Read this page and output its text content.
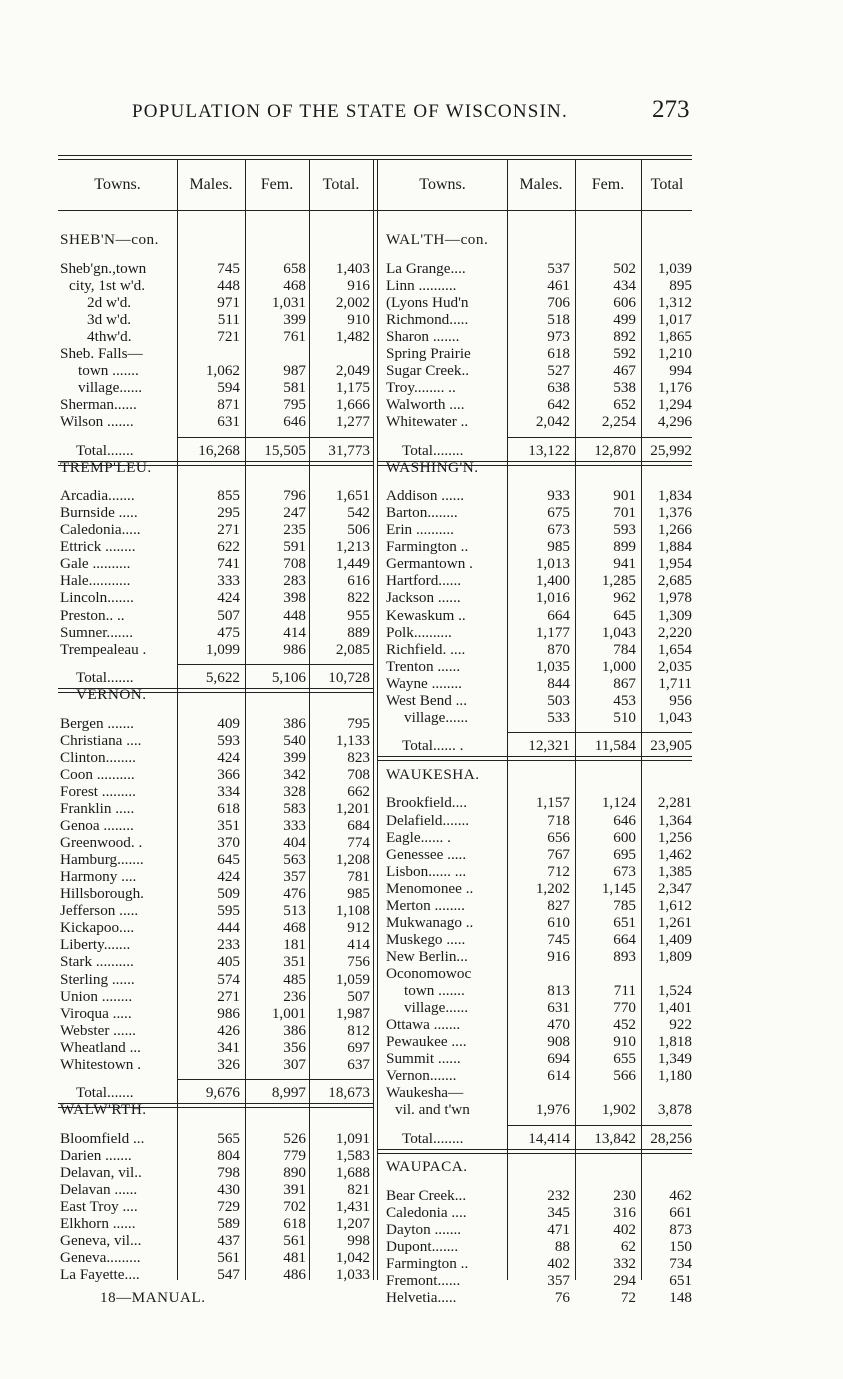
POPULATION OF THE STATE OF WISCONSIN.	273
Towns.	Males.	Fem.	Total.	Towns.	Males.	Fem.	Total
SHEB'N—con.
Sheb'gn.,town	745	658	1,403
city, 1st w'd.	448	468	916
2d w'd.	971	1,031	2,002
3d w'd.	511	399	910
4thw'd.	721	761	1,482
Sheb. Falls—
town .......	1,062	987	2,049
village......	594	581	1,175
Sherman......	871	795	1,666
Wilson .......	631	646	1,277
Total.......	16,268	15,505	31,773
TREMP'LEU.
Arcadia.......	855	796	1,651
Burnside .....	295	247	542
Caledonia.....	271	235	506
Ettrick ........	622	591	1,213
Gale ..........	741	708	1,449
Hale...........	333	283	616
Lincoln.......	424	398	822
Preston.. ..	507	448	955
Sumner.......	475	414	889
Trempealeau .	1,099	986	2,085
Total.......	5,622	5,106	10,728
VERNON.
Bergen .......	409	386	795
Christiana ....	593	540	1,133
Clinton........	424	399	823
Coon ..........	366	342	708
Forest .........	334	328	662
Franklin .....	618	583	1,201
Genoa ........	351	333	684
Greenwood. .	370	404	774
Hamburg.......	645	563	1,208
Harmony ....	424	357	781
Hillsborough.	509	476	985
Jefferson .....	595	513	1,108
Kickapoo....	444	468	912
Liberty.......	233	181	414
Stark ..........	405	351	756
Sterling ......	574	485	1,059
Union ........	271	236	507
Viroqua .....	986	1,001	1,987
Webster ......	426	386	812
Wheatland ...	341	356	697
Whitestown .	326	307	637
Total.......	9,676	8,997	18,673
WALW'RTH.
Bloomfield ...	565	526	1,091
Darien .......	804	779	1,583
Delavan, vil..	798	890	1,688
Delavan ......	430	391	821
East Troy ....	729	702	1,431
Elkhorn ......	589	618	1,207
Geneva, vil...	437	561	998
Geneva.........	561	481	1,042
La Fayette....	547	486	1,033
WAL'TH—con.
La Grange....	537	502	1,039
Linn ..........	461	434	895
(Lyons Hud'n	706	606	1,312
Richmond.....	518	499	1,017
Sharon .......	973	892	1,865
Spring Prairie	618	592	1,210
Sugar Creek..	527	467	994
Troy........ ..	638	538	1,176
Walworth ....	642	652	1,294
Whitewater ..	2,042	2,254	4,296
Total........	13,122	12,870 25,992
WASHING'N.
Addison ......	933	901	1,834
Barton........	675	701	1,376
Erin ..........	673	593	1,266
Farmington ..	985	899	1,884
Germantown .	1,013	941	1,954
Hartford......	1,400	1,285	2,685
Jackson ......	1,016	962	1,978
Kewaskum ..	664	645	1,309
Polk..........	1,177	1,043	2,220
Richfield. ....	870	784	1,654
Trenton ......	1,035	1,000	2,035
Wayne ........	844	867	1,711
West Bend ...	503	453	956
village......	533	510	1,043
Total...... .	12,321	11,584 23,905
WAUKESHA.
Brookfield....	1,157	1,124	2,281
Delafield.......	718	646	1,364
Eagle...... .	656	600	1,256
Genessee .....	767	695	1,462
Lisbon...... ...	712	673	1,385
Menomonee ..	1,202	1,145	2,347
Merton ........	827	785	1,612
Mukwanago ..	610	651	1,261
Muskego .....	745	664	1,409
New Berlin...	916	893	1,809
Oconomowoc
town .......	813	711	1,524
village......	631	770	1,401
Ottawa .......	470	452	922
Pewaukee ....	908	910	1,818
Summit ......	694	655	1,349
Vernon.......	614	566	1,180
Waukesha—
vil. and t'wn	1,976	1,902	3,878
Total........	14,414	13,842 28,256
WAUPACA.
Bear Creek...	232	230	462
Caledonia ....	345	316	661
Dayton .......	471	402	873
Dupont.......	88	62	150
Farmington ..	402	332	734
Fremont......	357	294	651
Helvetia.....	76	72	148
18—MANUAL.
